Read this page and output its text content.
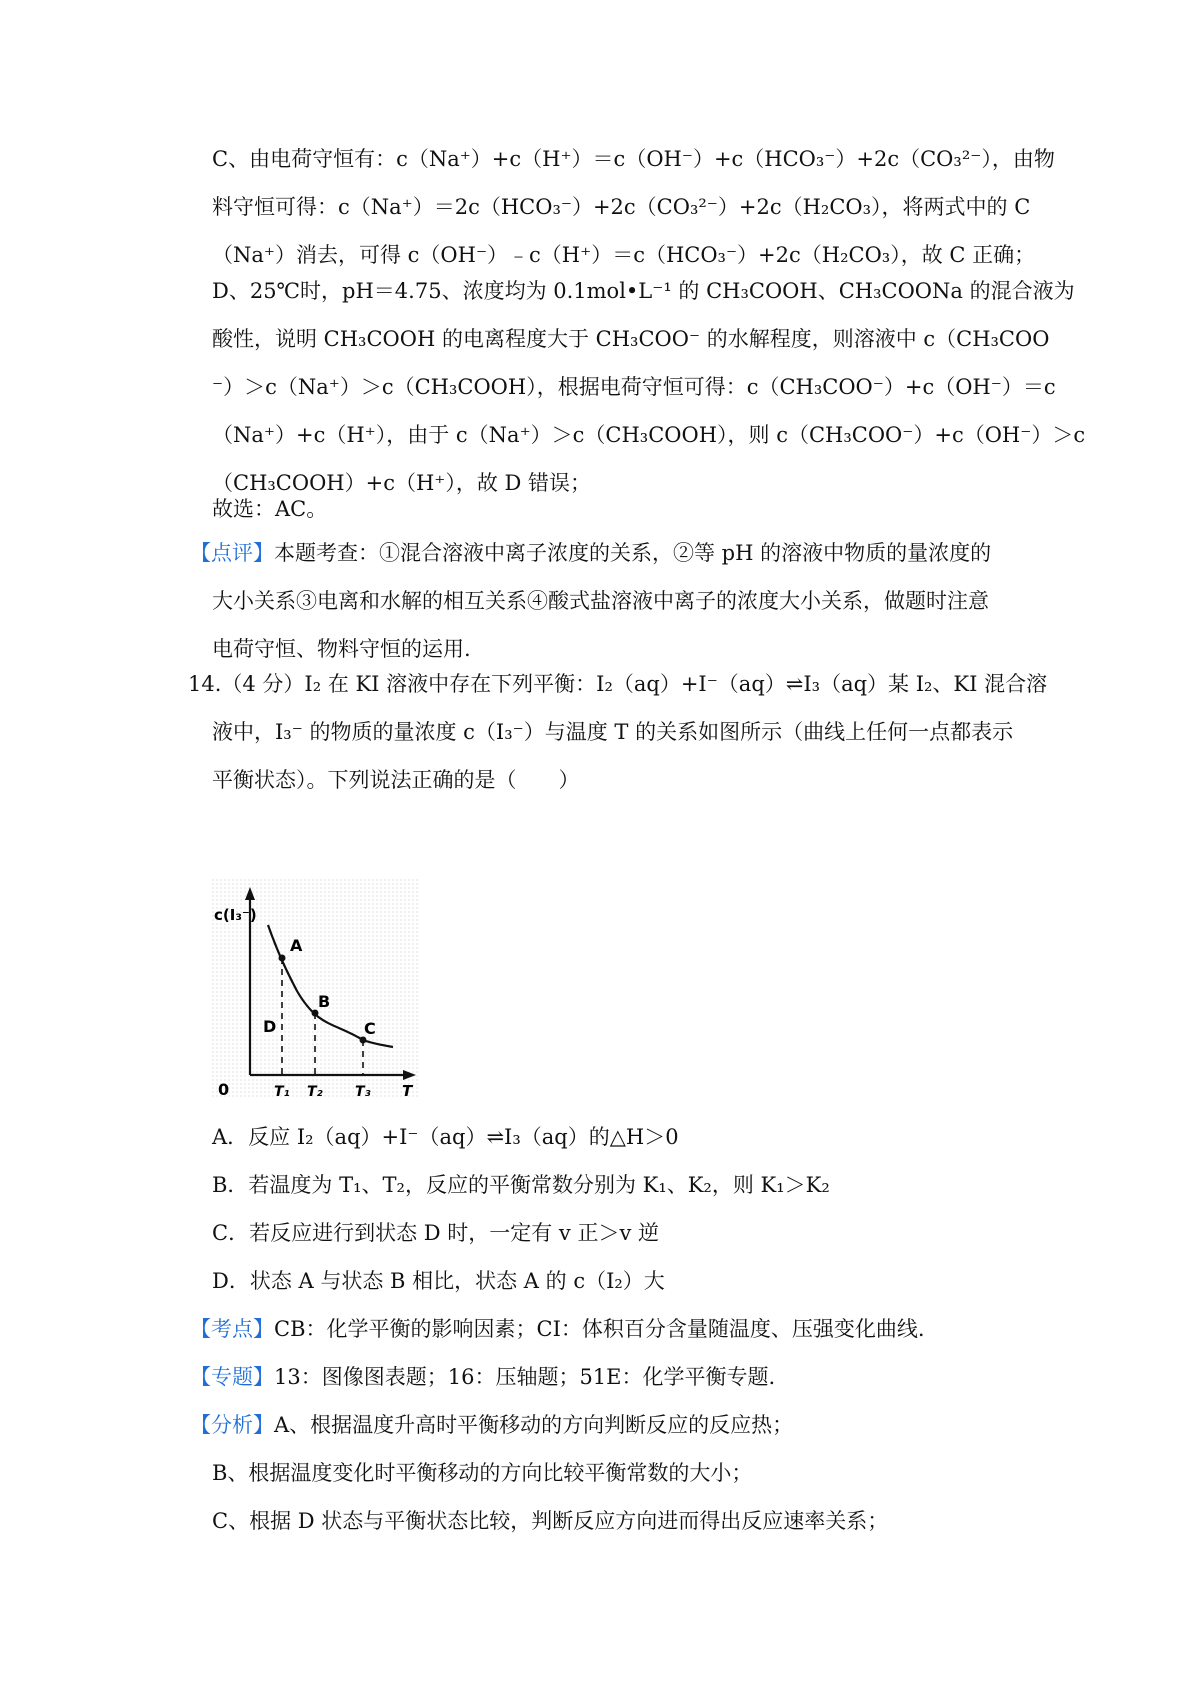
C、由电荷守恒有：c（Na⁺）+c（H⁺）＝c（OH⁻）+c（HCO₃⁻）+2c（CO₃²⁻），由物

料守恒可得：c（Na⁺）＝2c（HCO₃⁻）+2c（CO₃²⁻）+2c（H₂CO₃），将两式中的 C

（Na⁺）消去，可得 c（OH⁻）﹣c（H⁺）＝c（HCO₃⁻）+2c（H₂CO₃），故 C 正确；

D、25℃时，pH＝4.75、浓度均为 0.1mol•L⁻¹ 的 CH₃COOH、CH₃COONa 的混合液为

酸性，说明 CH₃COOH 的电离程度大于 CH₃COO⁻ 的水解程度，则溶液中 c（CH₃COO

⁻）＞c（Na⁺）＞c（CH₃COOH），根据电荷守恒可得：c（CH₃COO⁻）+c（OH⁻）＝c

（Na⁺）+c（H⁺），由于 c（Na⁺）＞c（CH₃COOH），则 c（CH₃COO⁻）+c（OH⁻）＞c

（CH₃COOH）+c（H⁺），故 D 错误；

故选：AC。

【点评】本题考查：①混合溶液中离子浓度的关系，②等 pH 的溶液中物质的量浓度的

大小关系③电离和水解的相互关系④酸式盐溶液中离子的浓度大小关系，做题时注意

电荷守恒、物料守恒的运用.

14.（4 分）I₂ 在 KI 溶液中存在下列平衡：I₂（aq）+I⁻（aq）⇌I₃（aq）某 I₂、KI 混合溶

液中，I₃⁻ 的物质的量浓度 c（I₃⁻）与温度 T 的关系如图所示（曲线上任何一点都表示

平衡状态）。下列说法正确的是（　　）

c(I₃⁻)
A
B
C
D
0	T₁ T₂ T₃ T

A．反应 I₂（aq）+I⁻（aq）⇌I₃（aq）的△H＞0

B．若温度为 T₁、T₂，反应的平衡常数分别为 K₁、K₂，则 K₁＞K₂

C．若反应进行到状态 D 时，一定有 v 正＞v 逆

D．状态 A 与状态 B 相比，状态 A 的 c（I₂）大

【考点】CB：化学平衡的影响因素；CI：体积百分含量随温度、压强变化曲线.

【专题】13：图像图表题；16：压轴题；51E：化学平衡专题.

【分析】A、根据温度升高时平衡移动的方向判断反应的反应热；

B、根据温度变化时平衡移动的方向比较平衡常数的大小；

C、根据 D 状态与平衡状态比较，判断反应方向进而得出反应速率关系；
